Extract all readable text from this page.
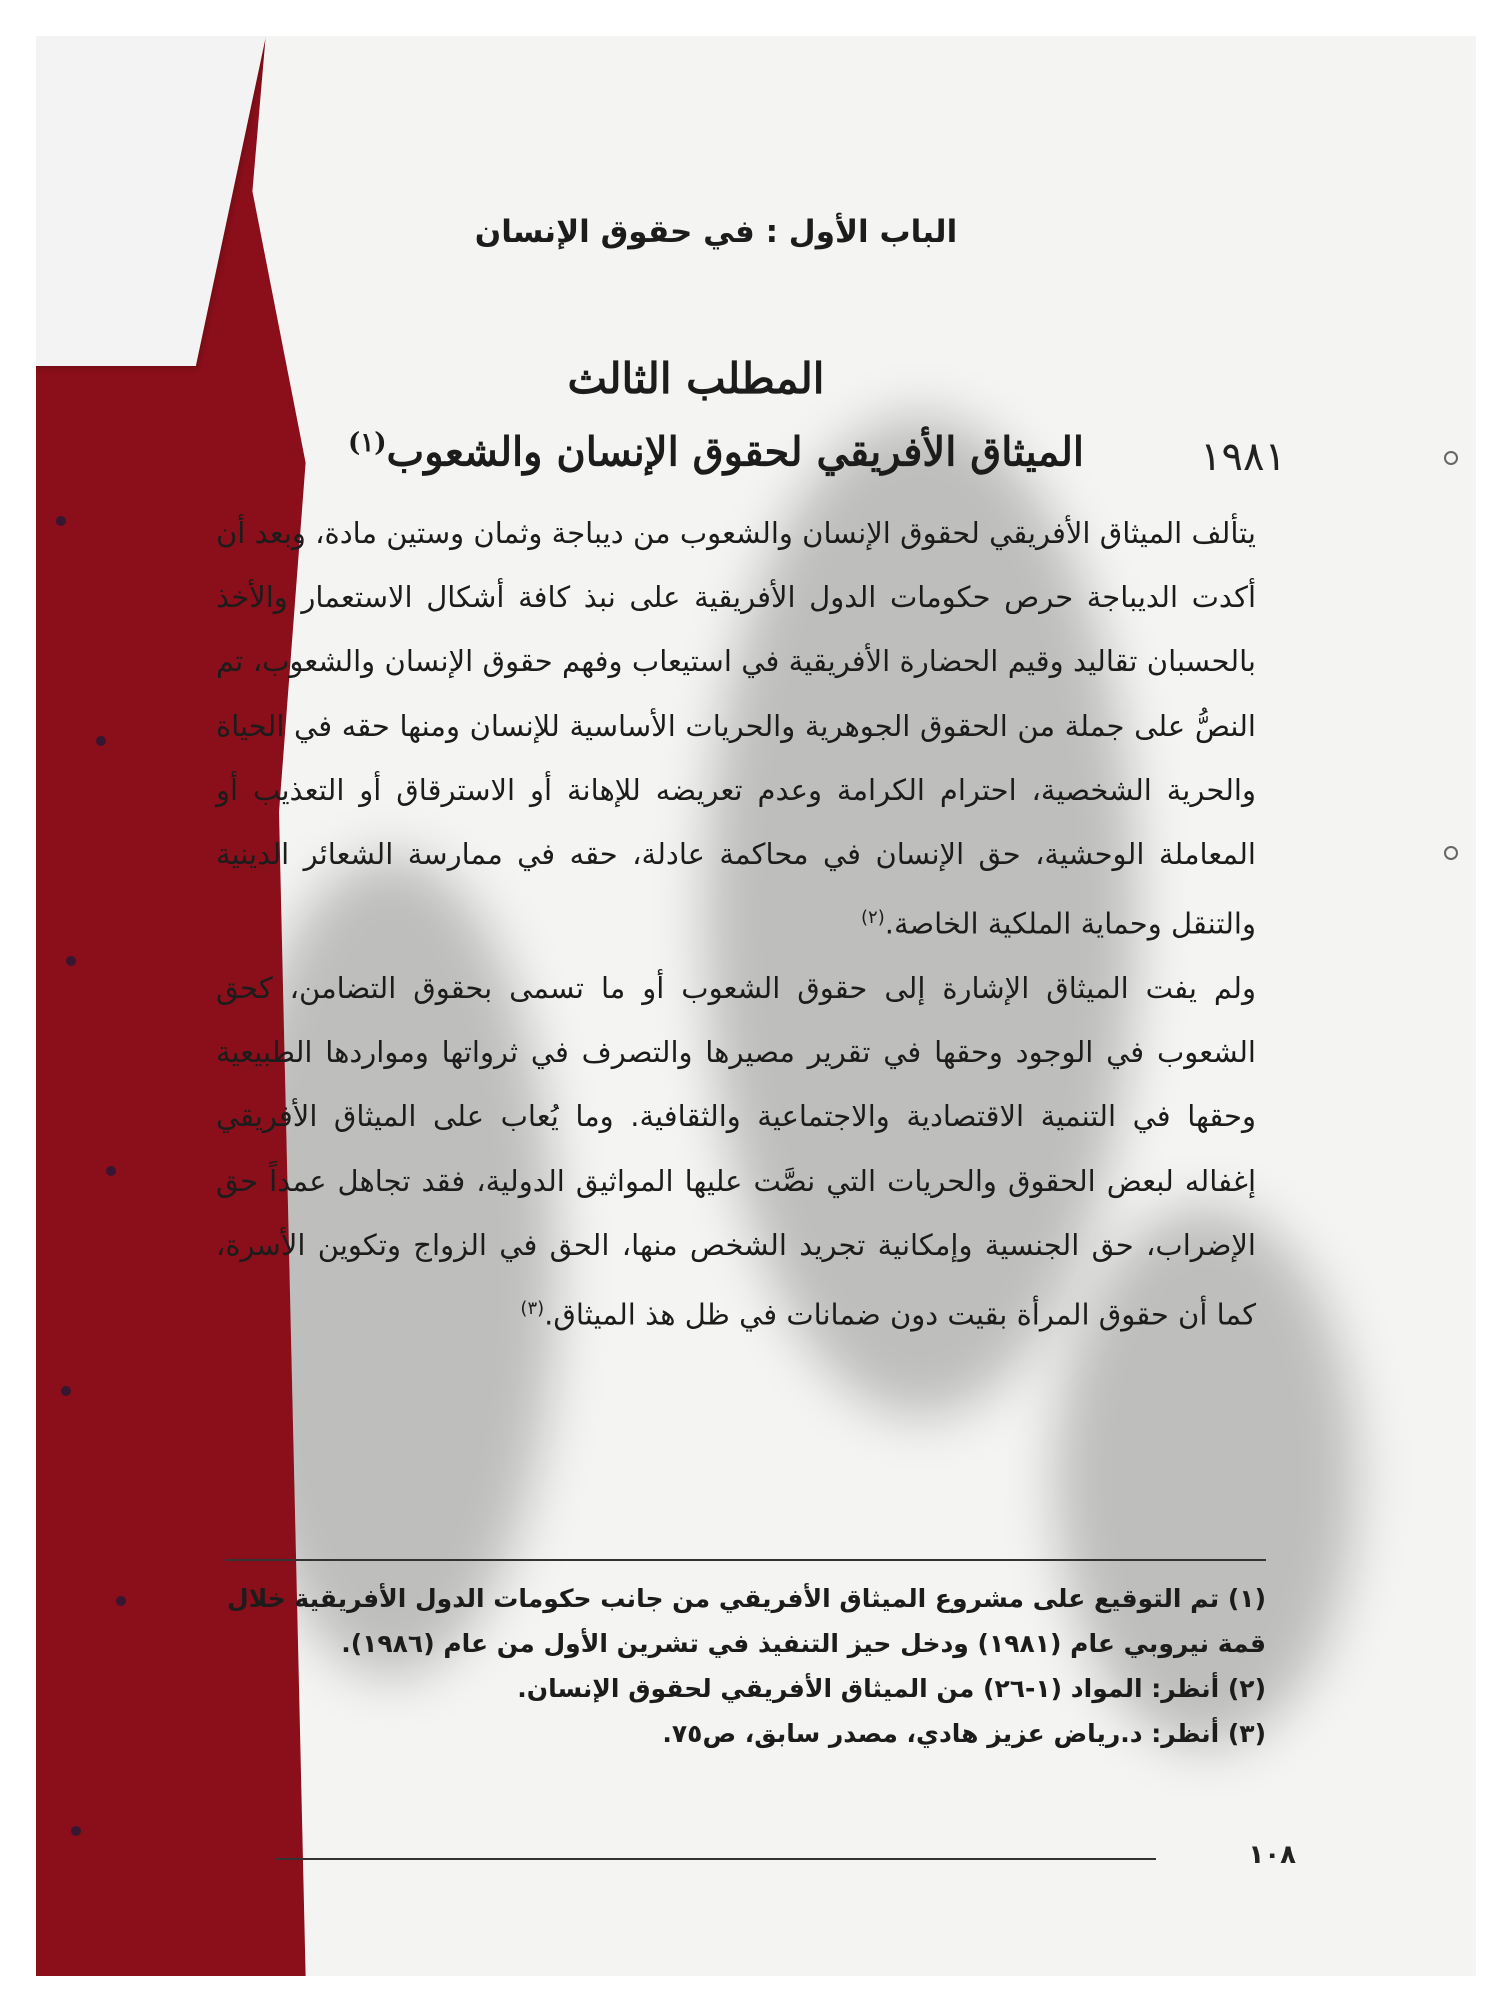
الباب الأول : في حقوق الإنسان
المطلب الثالث
الميثاق الأفريقي لحقوق الإنسان والشعوب$^{(١)}$	١٩٨١

يتألف الميثاق الأفريقي لحقوق الإنسان والشعوب من ديباجة وثمان وستين مادة، وبعد أن أكدت الديباجة حرص حكومات الدول الأفريقية على نبذ كافة أشكال الاستعمار والأخذ بالحسبان تقاليد وقيم الحضارة الأفريقية في استيعاب وفهم حقوق الإنسان والشعوب، تم النصُّ على جملة من الحقوق الجوهرية والحريات الأساسية للإنسان ومنها حقه في الحياة والحرية الشخصية، احترام الكرامة وعدم تعريضه للإهانة أو الاسترقاق أو التعذيب أو المعاملة الوحشية، حق الإنسان في محاكمة عادلة، حقه في ممارسة الشعائر الدينية والتنقل وحماية الملكية الخاصة.$^{(٢)}$

ولم يفت الميثاق الإشارة إلى حقوق الشعوب أو ما تسمى بحقوق التضامن، كحق الشعوب في الوجود وحقها في تقرير مصيرها والتصرف في ثرواتها ومواردها الطبيعية وحقها في التنمية الاقتصادية والاجتماعية والثقافية. وما يُعاب على الميثاق الأفريقي إغفاله لبعض الحقوق والحريات التي نصَّت عليها المواثيق الدولية، فقد تجاهل عمداً حق الإضراب، حق الجنسية وإمكانية تجريد الشخص منها، الحق في الزواج وتكوين الأسرة، كما أن حقوق المرأة بقيت دون ضمانات في ظل هذ الميثاق.$^{(٣)}$

(١) تم التوقيع على مشروع الميثاق الأفريقي من جانب حكومات الدول الأفريقية خلال قمة نيروبي عام (١٩٨١) ودخل حيز التنفيذ في تشرين الأول من عام (١٩٨٦).

(٢) أنظر: المواد (١-٢٦) من الميثاق الأفريقي لحقوق الإنسان.

(٣) أنظر: د.رياض عزيز هادي، مصدر سابق، ص٧٥.

١٠٨
